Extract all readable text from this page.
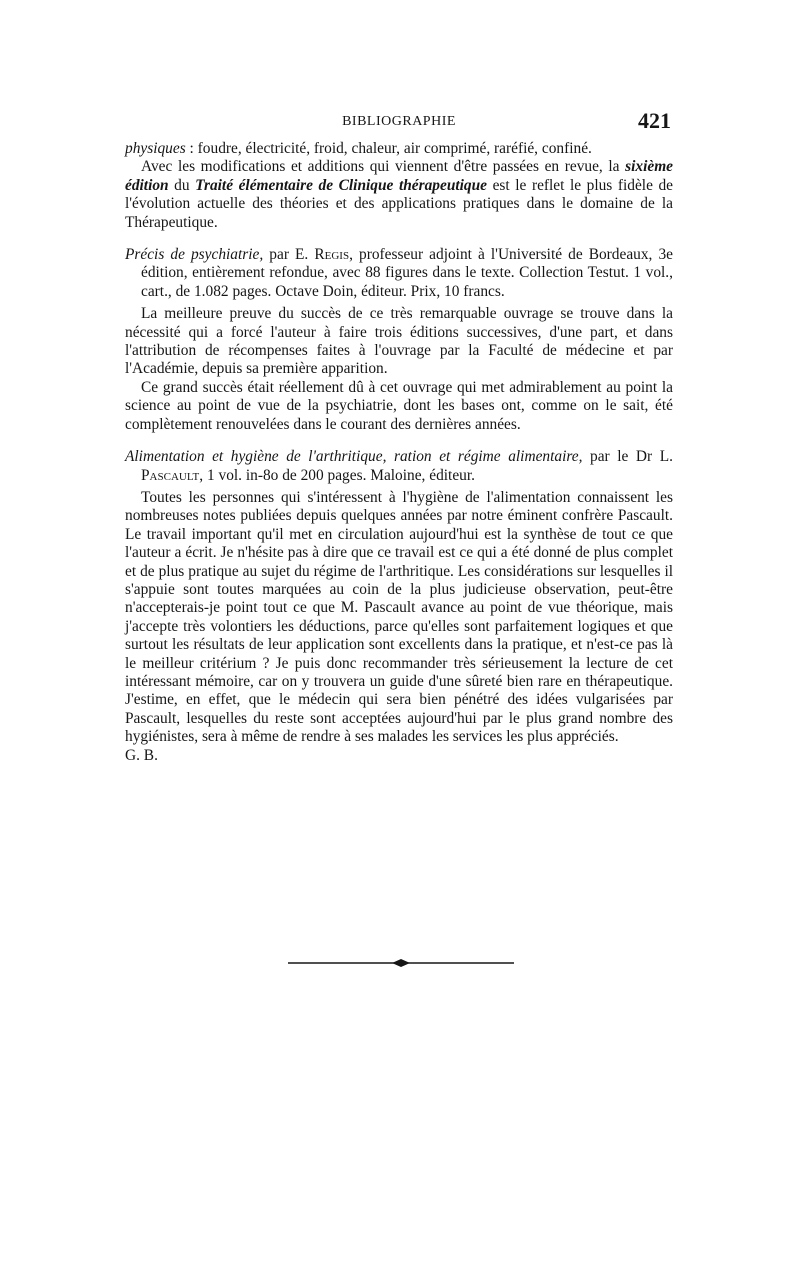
BIBLIOGRAPHIE	421

physiques : foudre, électricité, froid, chaleur, air comprimé, raréfié, confiné.

Avec les modifications et additions qui viennent d'être passées en revue, la sixième édition du Traité élémentaire de Clinique thérapeutique est le reflet le plus fidèle de l'évolution actuelle des théories et des applications pratiques dans le domaine de la Thérapeutique.

Précis de psychiatrie, par E. Regis, professeur adjoint à l'Université de Bordeaux, 3e édition, entièrement refondue, avec 88 figures dans le texte. Collection Testut. 1 vol., cart., de 1.082 pages. Octave Doin, éditeur. Prix, 10 francs.

La meilleure preuve du succès de ce très remarquable ouvrage se trouve dans la nécessité qui a forcé l'auteur à faire trois éditions successives, d'une part, et dans l'attribution de récompenses faites à l'ouvrage par la Faculté de médecine et par l'Académie, depuis sa première apparition.

Ce grand succès était réellement dû à cet ouvrage qui met admirablement au point la science au point de vue de la psychiatrie, dont les bases ont, comme on le sait, été complètement renouvelées dans le courant des dernières années.

Alimentation et hygiène de l'arthritique, ration et régime alimentaire, par le Dr L. Pascault, 1 vol. in-8o de 200 pages. Maloine, éditeur.

Toutes les personnes qui s'intéressent à l'hygiène de l'alimentation connaissent les nombreuses notes publiées depuis quelques années par notre éminent confrère Pascault. Le travail important qu'il met en circulation aujourd'hui est la synthèse de tout ce que l'auteur a écrit. Je n'hésite pas à dire que ce travail est ce qui a été donné de plus complet et de plus pratique au sujet du régime de l'arthritique. Les considérations sur lesquelles il s'appuie sont toutes marquées au coin de la plus judicieuse observation, peut-être n'accepterais-je point tout ce que M. Pascault avance au point de vue théorique, mais j'accepte très volontiers les déductions, parce qu'elles sont parfaitement logiques et que surtout les résultats de leur application sont excellents dans la pratique, et n'est-ce pas là le meilleur critérium ? Je puis donc recommander très sérieusement la lecture de cet intéressant mémoire, car on y trouvera un guide d'une sûreté bien rare en thérapeutique. J'estime, en effet, que le médecin qui sera bien pénétré des idées vulgarisées par Pascault, lesquelles du reste sont acceptées aujourd'hui par le plus grand nombre des hygiénistes, sera à même de rendre à ses malades les services les plus appréciés.

G. B.
